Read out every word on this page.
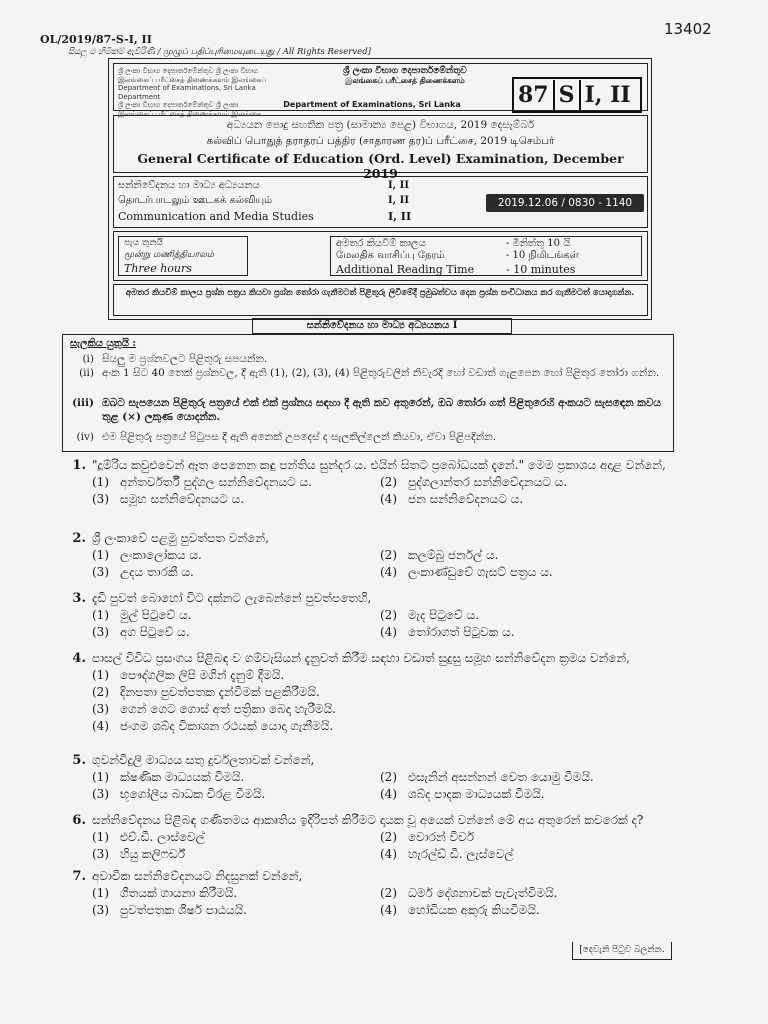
13402
OL/2019/87-S-I, II
සියලු ම හිමිකම් ඇවිරිණි / முழுப் பதிப்புரிமையுடையது / All Rights Reserved]
ශ්‍රී ලංකා විභාග දෙපාර්තමේන්තුව ශ්‍රී ලංකා විභාග
இலங்கைப் பரீட்சைத் திணைக்களம் இலங்கைப்
Department of Examinations, Sri Lanka Department
ශ්‍රී ලංකා විභාග දෙපාර්තමේන්තුව ශ්‍රී ලංකා
இலங்கைப் பரீட்சைத் திணைக்களம் இலங்கை
ශ්‍රී ලංකා විභාග දෙපාර්තමේන්තුව
இலங்கைப் பரீட்சைத் திணைக்களம்
Department of Examinations, Sri Lanka	87 S I, II
අධ්‍යයන පොදු සහතික පත්‍ර (සාමාන්‍ය පෙළ) විභාගය, 2019 දෙසැම්බර්
கல்விப் பொதுத் தராதரப் பத்திர (சாதாரண தர)ப் பரீட்சை, 2019 டிசெம்பர்
General Certificate of Education (Ord. Level) Examination, December 2019
සන්නිවේදනය හා මාධ්‍ය අධ්‍යයනය	I, II
தொடர்பாடலும் ஊடகக் கல்வியும்	I, II
Communication and Media Studies	I, II
2019.12.06 / 0830 - 1140
පැය තුනයි
மூன்று மணித்தியாலம்
Three hours
අමතර කියවීම් කාලය	- මිනිත්තු 10 යි
மேலதிக வாசிப்பு நேரம்	- 10 நிமிடங்கள்
Additional Reading Time	- 10 minutes
අමතර කියවීම් කාලය ප්‍රශ්න පත්‍රය කියවා ප්‍රශ්න තෝරා ගැනීමටත් පිළිතුරු ලිවීමේදී ප්‍රමුඛත්වය දෙන ප්‍රශ්න සංවිධානය කර ගැනීමටත් යොදාගන්න.
සන්නිවේදනය හා මාධ්‍ය අධ්‍යයනය I
සැලකිය යුතුයි :
(i) සියලු ම ප්‍රශ්නවලට පිළිතුරු සපයන්න.
(ii) අංක 1 සිට 40 තෙක් ප්‍රශ්නවල, දී ඇති (1), (2), (3), (4) පිළිතුරුවලින් නිවැරදි හෝ වඩාත් ගැළපෙන හෝ පිළිතුර තෝරා ගන්න.
(iii) ඔබට සැපයෙන පිළිතුරු පත්‍රයේ එක් එක් ප්‍රශ්නය සඳහා දී ඇති කව අතුරෙන්, ඔබ තෝරා ගත් පිළිතුරෙහි අංකයට සැසඳෙන කවය තුළ (×) ලකුණ යොදන්න.
(iv) එම පිළිතුරු පත්‍රයේ පිටුපස දී ඇති අනෙක් උපදෙස් ද සැලකිල්ලෙන් කියවා, ඒවා පිළිපදින්න.
1. "දූම්රිය කවුළුවෙන් ඈත පෙනෙන කඳු පන්තිය සුන්දර ය. එයින් සිතට ප්‍රබෝධයක් දැනේ." මෙම ප්‍රකාශය අදාළ වන්නේ,
(1) අන්තර්වර්තී පුද්ගල සන්නිවේදනයට ය.	(2) පුද්ගලාන්තර සන්නිවේදනයට ය.
(3) සමූහ සන්නිවේදනයට ය.	(4) ජන සන්නිවේදනයට ය.
2. ශ්‍රී ලංකාවේ පළමු පුවත්පත වන්නේ,
(1) ලංකාලෝකය ය.	(2) කලම්බු ජර්නල් ය.
(3) උදය තාරකී ය.	(4) ලංකාණ්ඩුවේ ගැසට් පත්‍රය ය.
3. දැඩි පුවත් බොහෝ විට දක්නට ලැබෙන්නේ පුවත්පතෙහි,
(1) මුල් පිටුවේ ය.	(2) මැද පිටුවේ ය.
(3) අග පිටුවේ ය.	(4) තෝරාගත් පිටුවක ය.
4. පාසල් විවිධ ප්‍රසංගය පිළිබඳ ව ගම්වැසියන් දැනුවත් කිරීම සඳහා වඩාත් සුදුසු සමූහ සන්නිවේදන ක්‍රමය වන්නේ,
(1) පෞද්ගලික ලිපි මගින් දැනුම් දීමයි.
(2) දිනපතා පුවත්පතක දැන්වීමක් පළකිරීමයි.
(3) ගෙන් ගෙට ගොස් අත් පත්‍රිකා බෙදා හැරීමයි.
(4) ජංගම ශබ්ද විකාශන රථයක් යොදා ගැනීමයි.
5. ගුවන්විදුලි මාධ්‍යය සතු දුර්වලතාවක් වන්නේ,
(1) ක්ෂණික මාධ්‍යයක් වීමයි.	(2) එසැනින් අසන්නන් වෙත යොමු වීමයි.
(3) භූගෝලීය බාධක විරළ වීමයි.	(4) ශබ්ද පාදක මාධ්‍යයක් වීමයි.
6. සන්නිවේදනය පිළිබඳ ගණිතමය ආකෘතිය ඉදිරිපත් කිරීමට දායක වූ අයෙක් වන්නේ මේ අය අතුරෙන් කවරෙක් ද?
(1) එච්.ඩී. ලාස්වෙල්	(2) වොරන් වීවර්
(3) හියු කලිෆර්ඩ්	(4) හැරල්ඩ් ඩී. ලැස්වෙල්
7. අවාචික සන්නිවේදනයට නිදසුනක් වන්නේ,
(1) ගීතයක් ගායනා කිරීමයි.	(2) ධර්ම දේශනාවක් පැවැත්වීමයි.
(3) පුවත්පතක ශීර්ෂ පාඨයයි.	(4) හෝඩියක අකුරු කියවීමයි.
[දෙවැනි පිටුව බලන්න.
